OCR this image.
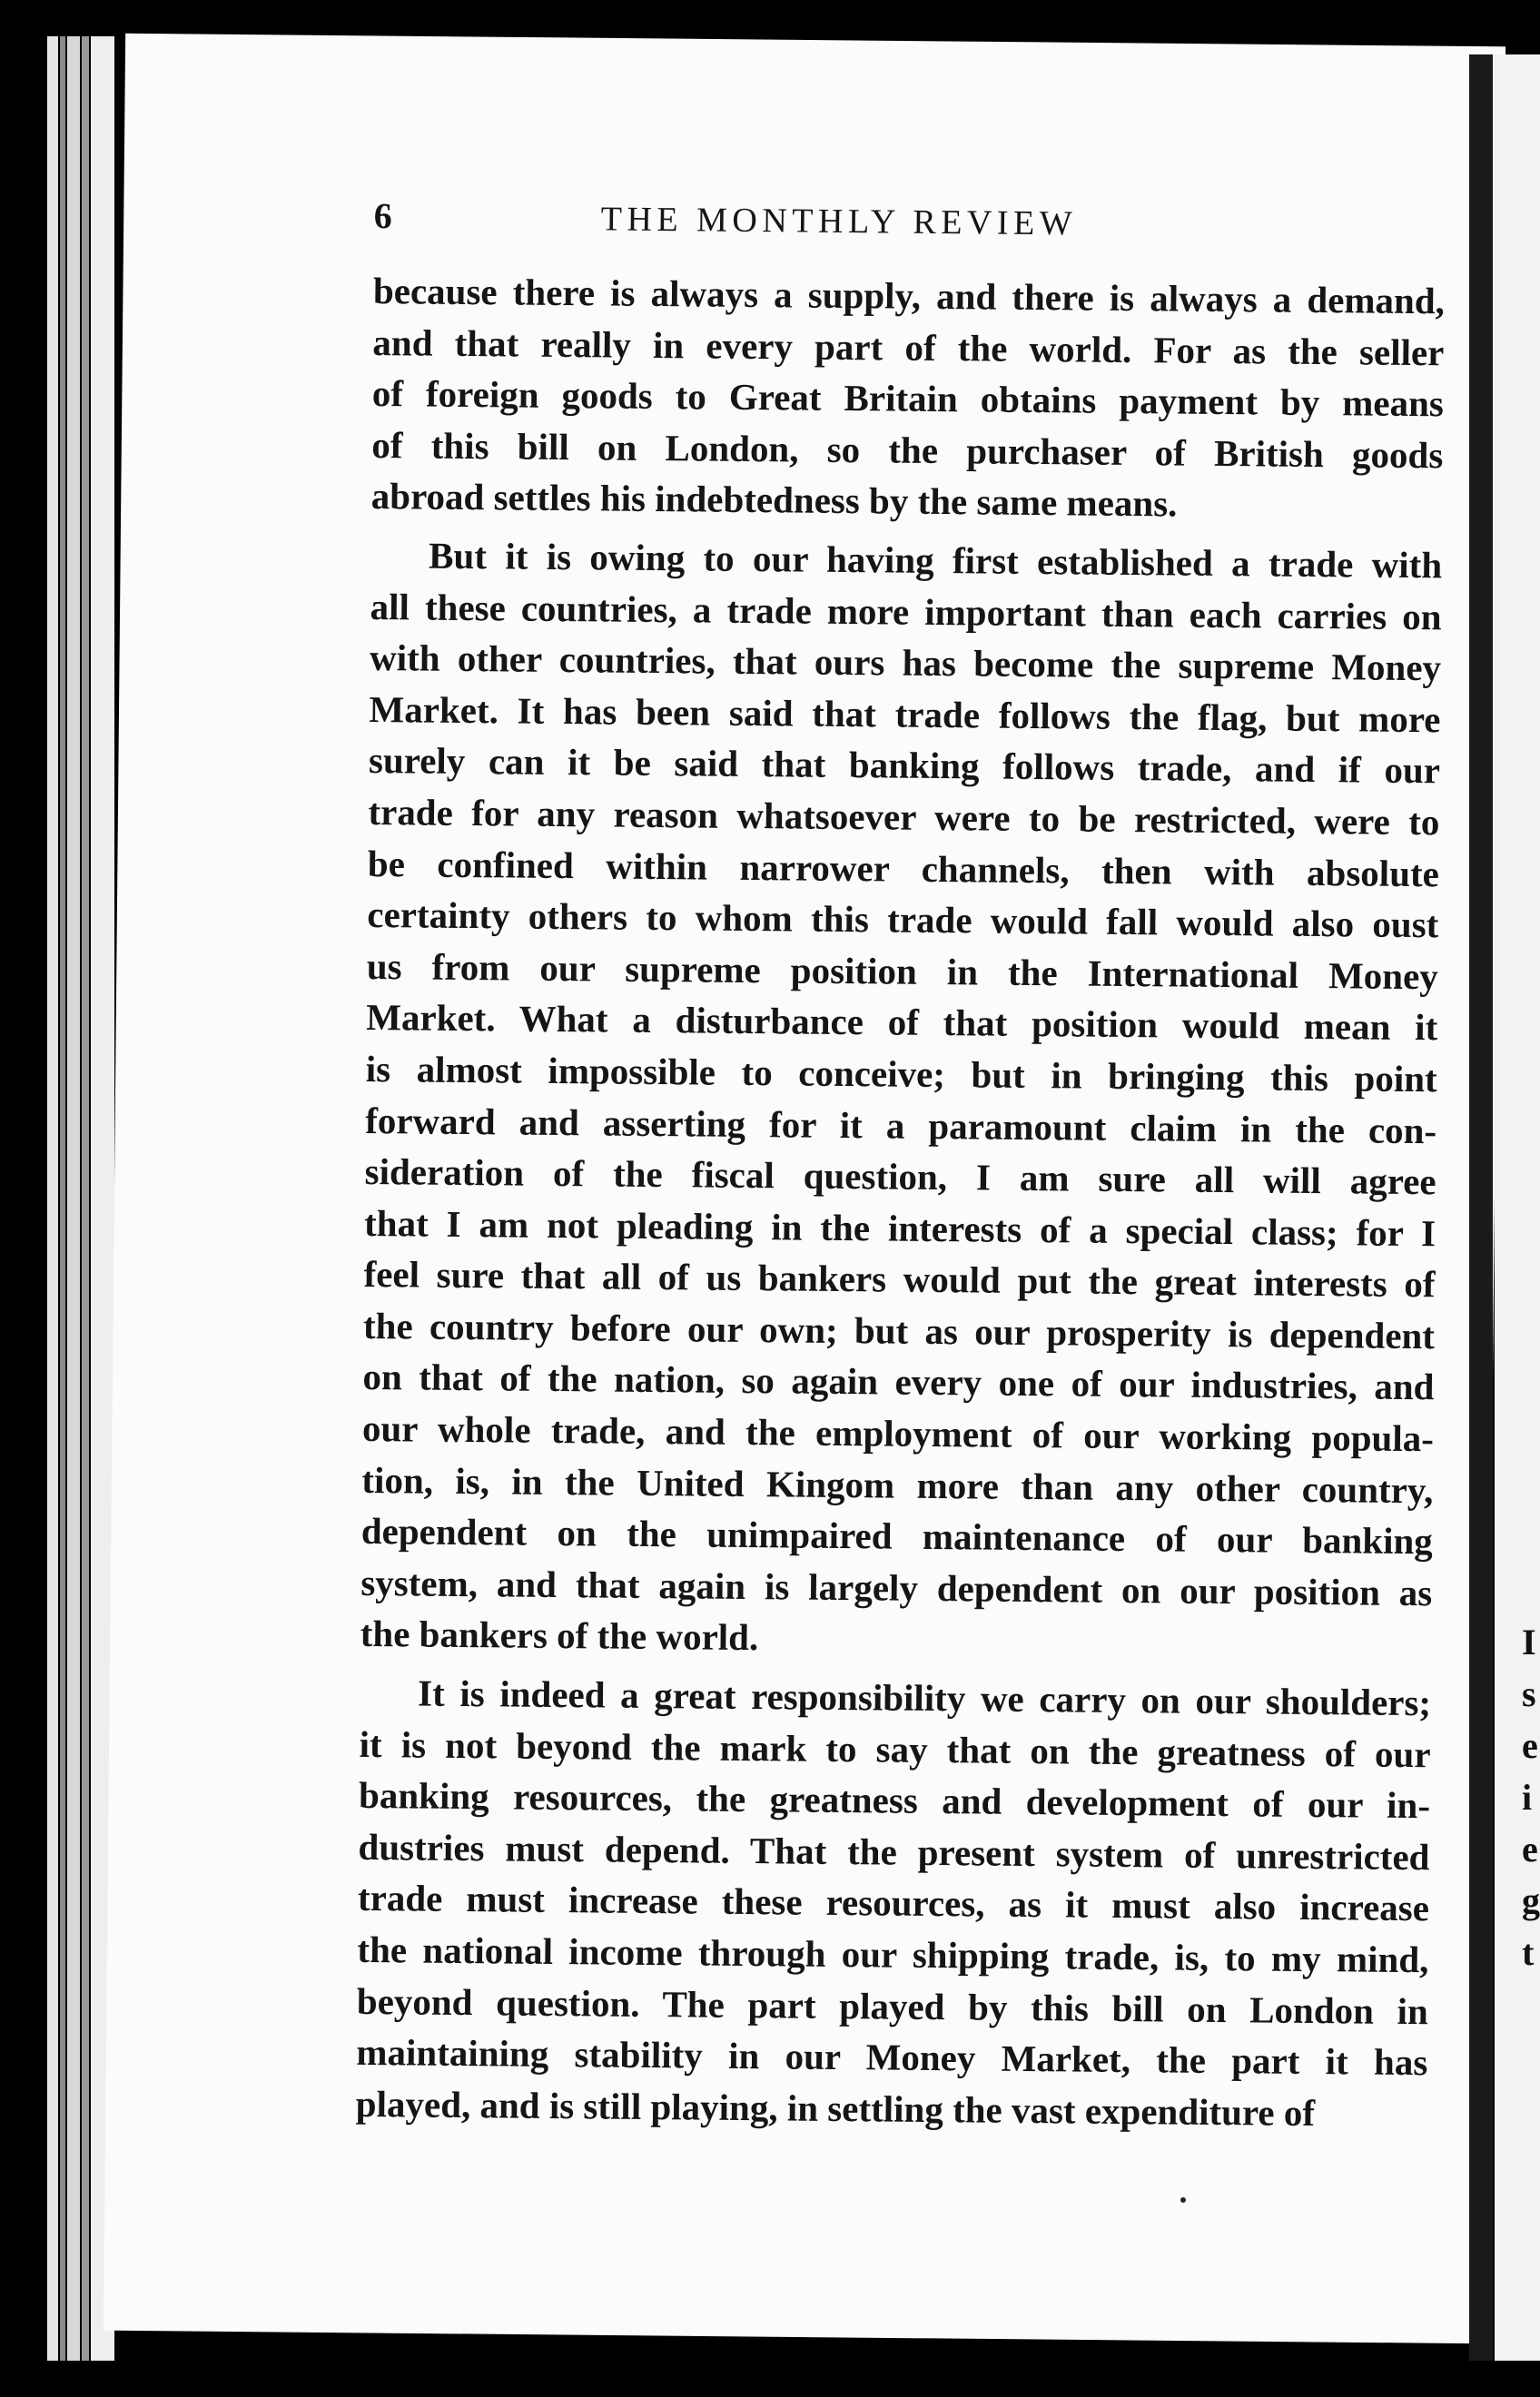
I
s
e
i
e
g
t
6	THE MONTHLY REVIEW
because there is always a supply, and there is always a demand,
and that really in every part of the world. For as the seller
of foreign goods to Great Britain obtains payment by means
of this bill on London, so the purchaser of British goods
abroad settles his indebtedness by the same means.
But it is owing to our having first established a trade with
all these countries, a trade more important than each carries on
with other countries, that ours has become the supreme Money
Market. It has been said that trade follows the flag, but more
surely can it be said that banking follows trade, and if our
trade for any reason whatsoever were to be restricted, were to
be confined within narrower channels, then with absolute
certainty others to whom this trade would fall would also oust
us from our supreme position in the International Money
Market. What a disturbance of that position would mean it
is almost impossible to conceive; but in bringing this point
forward and asserting for it a paramount claim in the con-
sideration of the fiscal question, I am sure all will agree
that I am not pleading in the interests of a special class; for I
feel sure that all of us bankers would put the great interests of
the country before our own; but as our prosperity is dependent
on that of the nation, so again every one of our industries, and
our whole trade, and the employment of our working popula-
tion, is, in the United Kingom more than any other country,
dependent on the unimpaired maintenance of our banking
system, and that again is largely dependent on our position as
the bankers of the world.
It is indeed a great responsibility we carry on our shoulders;
it is not beyond the mark to say that on the greatness of our
banking resources, the greatness and development of our in-
dustries must depend. That the present system of unrestricted
trade must increase these resources, as it must also increase
the national income through our shipping trade, is, to my mind,
beyond question. The part played by this bill on London in
maintaining stability in our Money Market, the part it has
played, and is still playing, in settling the vast expenditure of
